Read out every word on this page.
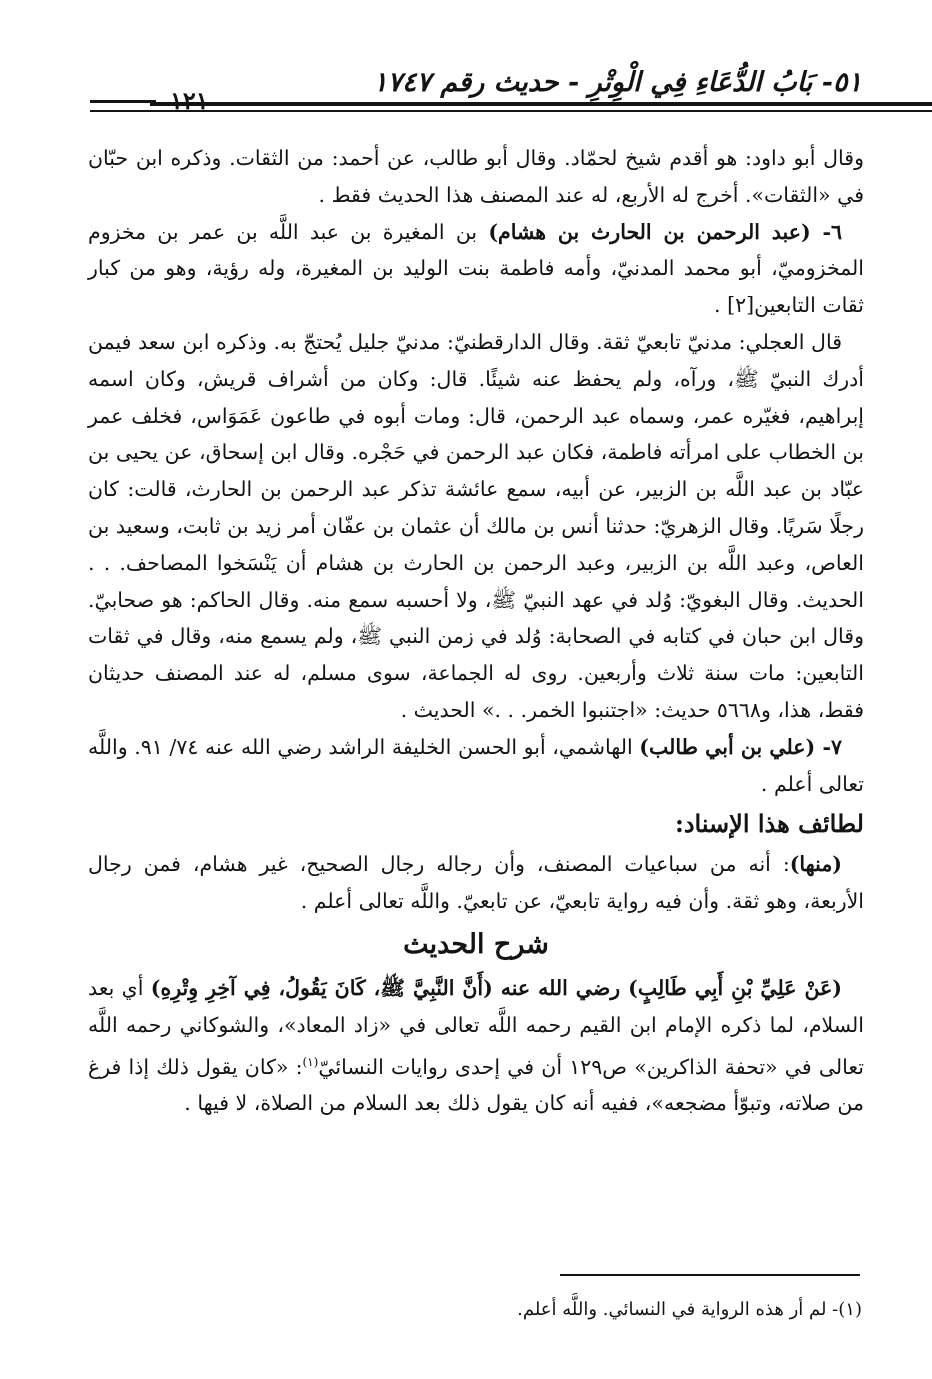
٥١- بَابُ الدُّعَاءِ فِي الْوِتْرِ - حديث رقم ١٧٤٧
١٢١

وقال أبو داود: هو أقدم شيخ لحمّاد. وقال أبو طالب، عن أحمد: من الثقات. وذكره ابن حبّان في «الثقات». أخرج له الأربع، له عند المصنف هذا الحديث فقط .

٦- (عبد الرحمن بن الحارث بن هشام) بن المغيرة بن عبد اللَّه بن عمر بن مخزوم المخزوميّ، أبو محمد المدنيّ، وأمه فاطمة بنت الوليد بن المغيرة، وله رؤية، وهو من كبار ثقات التابعين[٢] .

قال العجلي: مدنيّ تابعيّ ثقة. وقال الدارقطنيّ: مدنيّ جليل يُحتجّ به. وذكره ابن سعد فيمن أدرك النبيّ ﷺ، ورآه، ولم يحفظ عنه شيئًا. قال: وكان من أشراف قريش، وكان اسمه إبراهيم، فغيّره عمر، وسماه عبد الرحمن، قال: ومات أبوه في طاعون عَمَوَاس، فخلف عمر بن الخطاب على امرأته فاطمة، فكان عبد الرحمن في حَجْره. وقال ابن إسحاق، عن يحيى بن عبّاد بن عبد اللَّه بن الزبير، عن أبيه، سمع عائشة تذكر عبد الرحمن بن الحارث، قالت: كان رجلًا سَريًا. وقال الزهريّ: حدثنا أنس بن مالك أن عثمان بن عفّان أمر زيد بن ثابت، وسعيد بن العاص، وعبد اللَّه بن الزبير، وعبد الرحمن بن الحارث بن هشام أن يَنْسَخوا المصاحف. . . الحديث. وقال البغويّ: وُلد في عهد النبيّ ﷺ، ولا أحسبه سمع منه. وقال الحاكم: هو صحابيّ. وقال ابن حبان في كتابه في الصحابة: وُلد في زمن النبي ﷺ، ولم يسمع منه، وقال في ثقات التابعين: مات سنة ثلاث وأربعين. روى له الجماعة، سوى مسلم، له عند المصنف حديثان فقط، هذا، و٥٦٦٨ حديث: «اجتنبوا الخمر. . .» الحديث .

٧- (علي بن أبي طالب) الهاشمي، أبو الحسن الخليفة الراشد رضي الله عنه ٧٤/ ٩١. واللَّه تعالى أعلم .

لطائف هذا الإسناد:

(منها): أنه من سباعيات المصنف، وأن رجاله رجال الصحيح، غير هشام، فمن رجال الأربعة، وهو ثقة. وأن فيه رواية تابعيّ، عن تابعيّ. واللَّه تعالى أعلم .

شرح الحديث

(عَنْ عَلِيِّ بْنِ أَبِي طَالِبٍ) رضي الله عنه (أَنَّ النَّبِيَّ ﷺ، كَانَ يَقُولُ، فِي آخِرِ وِتْرِهِ) أي بعد السلام، لما ذكره الإمام ابن القيم رحمه اللَّه تعالى في «زاد المعاد»، والشوكاني رحمه اللَّه تعالى في «تحفة الذاكرين» ص١٢٩ أن في إحدى روايات النسائيّ$^{(١)}$: «كان يقول ذلك إذا فرغ من صلاته، وتبوّأ مضجعه»، ففيه أنه كان يقول ذلك بعد السلام من الصلاة، لا فيها .

(١)- لم أر هذه الرواية في النسائي. واللَّه أعلم.
